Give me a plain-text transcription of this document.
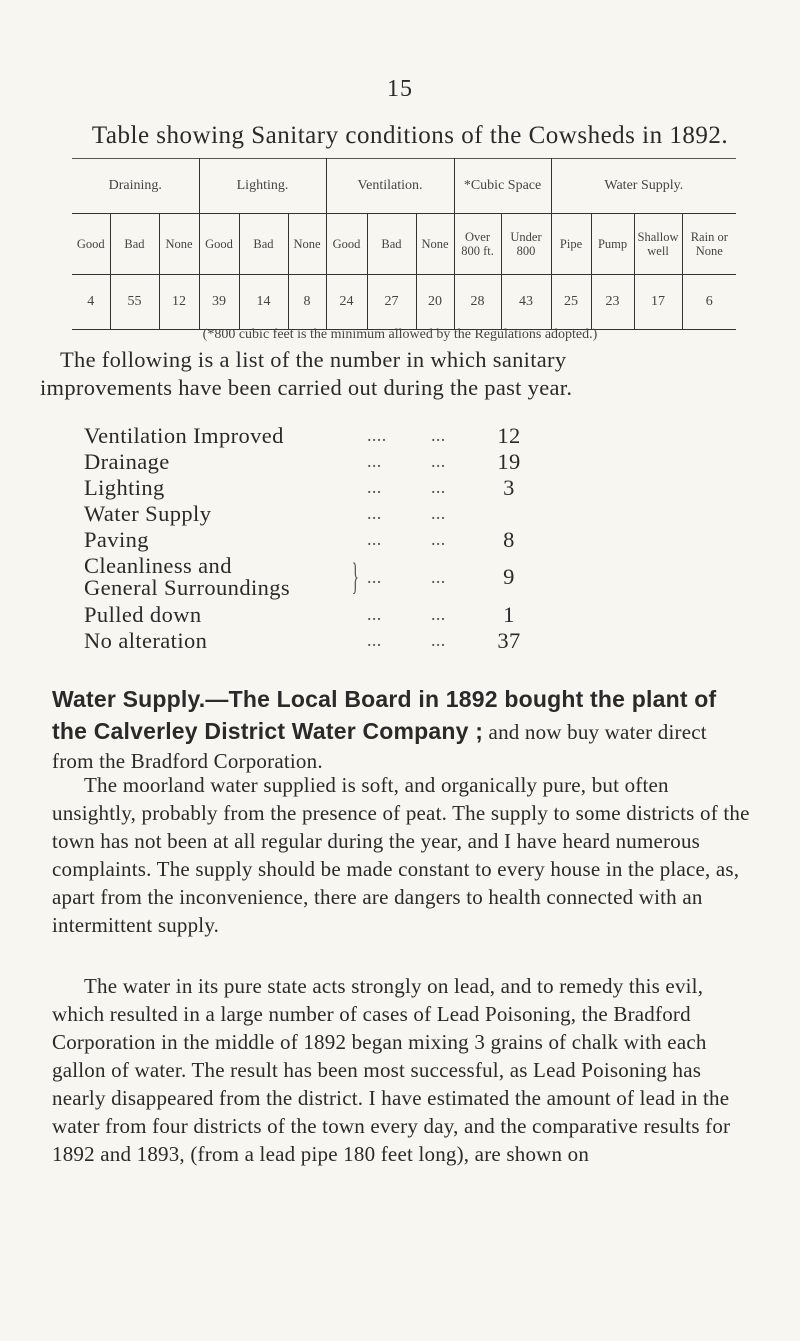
15
Table showing Sanitary conditions of the Cowsheds in 1892.
Draining.			Lighting.			Ventilation.			*Cubic Space		Water Supply.			
Good	Bad	None	Good	Bad	None	Good	Bad	None	Over 800 ft.	Under 800	Pipe	Pump	Shallow well	Rain or None
4	55	12	39	14	8	24	27	20	28	43	25	23	17	6
(*800 cubic feet is the minimum allowed by the Regulations adopted.)
The following is a list of the number in which sanitary
improvements have been carried out during the past year.
Ventilation Improved	.... ... 12
Drainage	...	... 19
Lighting	...	...	3
Water Supply	...	...
Paving	...	...	8
Cleanliness and
General Surroundings } ...	...	9
Pulled down	...	...	1
No alteration	...	... 37
Water Supply.—The Local Board in 1892 bought the plant of the Calverley District Water Company ; and now buy water direct from the Bradford Corporation.
The moorland water supplied is soft, and organically pure, but often unsightly, probably from the presence of peat. The supply to some districts of the town has not been at all regular during the year, and I have heard numerous complaints. The supply should be made constant to every house in the place, as, apart from the inconvenience, there are dangers to health connected with an intermittent supply.
The water in its pure state acts strongly on lead, and to remedy this evil, which resulted in a large number of cases of Lead Poisoning, the Bradford Corporation in the middle of 1892 began mixing 3 grains of chalk with each gallon of water. The result has been most successful, as Lead Poisoning has nearly disappeared from the district. I have estimated the amount of lead in the water from four districts of the town every day, and the comparative results for 1892 and 1893, (from a lead pipe 180 feet long), are shown on
